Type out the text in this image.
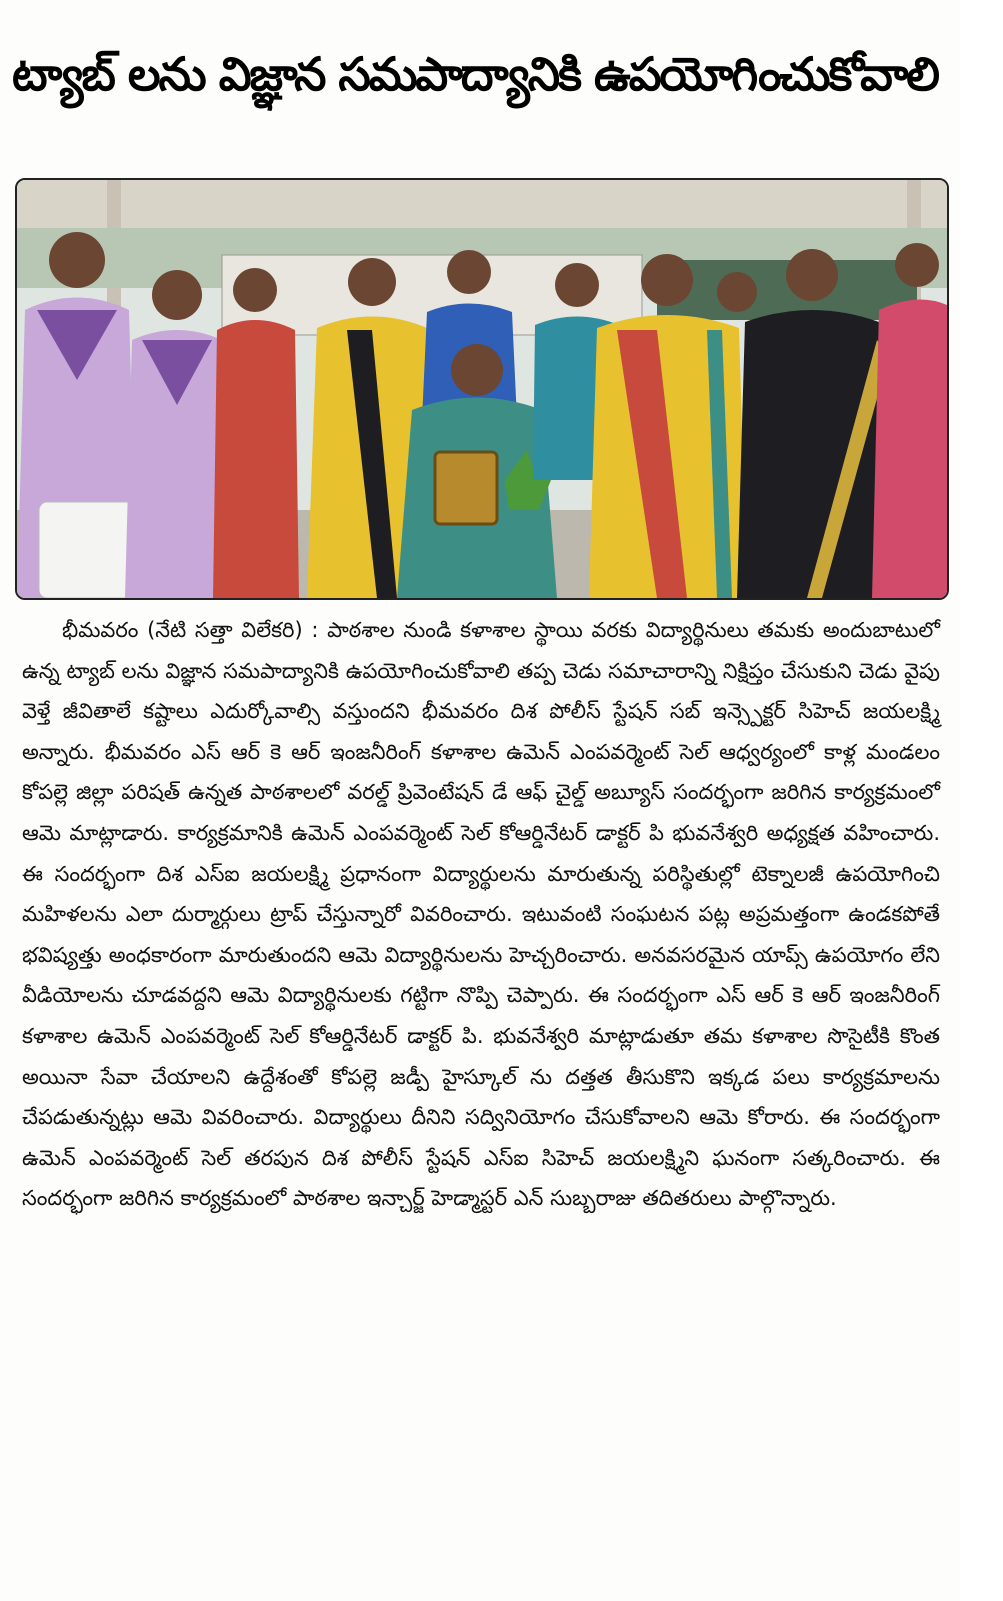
ట్యాబ్ లను విజ్ఞాన సమపాద్యానికి ఉపయోగించుకోవాలి

భీమవరం (నేటి సత్తా విలేకరి) : పాఠశాల నుండి కళాశాల స్థాయి వరకు విద్యార్థినులు తమకు అందుబాటులో ఉన్న ట్యాబ్ లను విజ్ఞాన సమపాద్యానికి ఉపయోగించుకోవాలి తప్ప చెడు సమాచారాన్ని నిక్షిప్తం చేసుకుని చెడు వైపు వెళ్తే జీవితాలే కష్టాలు ఎదుర్కోవాల్సి వస్తుందని భీమవరం దిశ పోలీస్ స్టేషన్ సబ్ ఇన్స్పెక్టర్ సిహెచ్ జయలక్ష్మి అన్నారు. భీమవరం ఎస్ ఆర్ కె ఆర్ ఇంజనీరింగ్ కళాశాల ఉమెన్ ఎంపవర్మెంట్ సెల్ ఆధ్వర్యంలో కాళ్ల మండలం కోపల్లె జిల్లా పరిషత్ ఉన్నత పాఠశాలలో వరల్డ్ ప్రివెంటేషన్ డే ఆఫ్ చైల్డ్ అబ్యూస్ సందర్భంగా జరిగిన కార్యక్రమంలో ఆమె మాట్లాడారు. కార్యక్రమానికి ఉమెన్ ఎంపవర్మెంట్ సెల్ కోఆర్డినేటర్ డాక్టర్ పి భువనేశ్వరి అధ్యక్షత వహించారు. ఈ సందర్భంగా దిశ ఎస్ఐ జయలక్ష్మి ప్రధానంగా విద్యార్థులను మారుతున్న పరిస్థితుల్లో టెక్నాలజీ ఉపయోగించి మహిళలను ఎలా దుర్మార్గులు ట్రాప్ చేస్తున్నారో వివరించారు. ఇటువంటి సంఘటన పట్ల అప్రమత్తంగా ఉండకపోతే భవిష్యత్తు అంధకారంగా మారుతుందని ఆమె విద్యార్థినులను హెచ్చరించారు. అనవసరమైన యాప్స్ ఉపయోగం లేని వీడియోలను చూడవద్దని ఆమె విద్యార్థినులకు గట్టిగా నొప్పి చెప్పారు. ఈ సందర్భంగా ఎస్ ఆర్ కె ఆర్ ఇంజనీరింగ్ కళాశాల ఉమెన్ ఎంపవర్మెంట్ సెల్ కోఆర్డినేటర్ డాక్టర్ పి. భువనేశ్వరి మాట్లాడుతూ తమ కళాశాల సొసైటీకి కొంత అయినా సేవా చేయాలని ఉద్దేశంతో కోపల్లె జడ్పీ హైస్కూల్ ను దత్తత తీసుకొని ఇక్కడ పలు కార్యక్రమాలను చేపడుతున్నట్లు ఆమె వివరించారు. విద్యార్థులు దీనిని సద్వినియోగం చేసుకోవాలని ఆమె కోరారు. ఈ సందర్భంగా ఉమెన్ ఎంపవర్మెంట్ సెల్ తరపున దిశ పోలీస్ స్టేషన్ ఎస్ఐ సిహెచ్ జయలక్ష్మిని ఘనంగా సత్కరించారు. ఈ సందర్భంగా జరిగిన కార్యక్రమంలో పాఠశాల ఇన్చార్జ్ హెడ్మాస్టర్ ఎన్ సుబ్బరాజు తదితరులు పాల్గొన్నారు.
